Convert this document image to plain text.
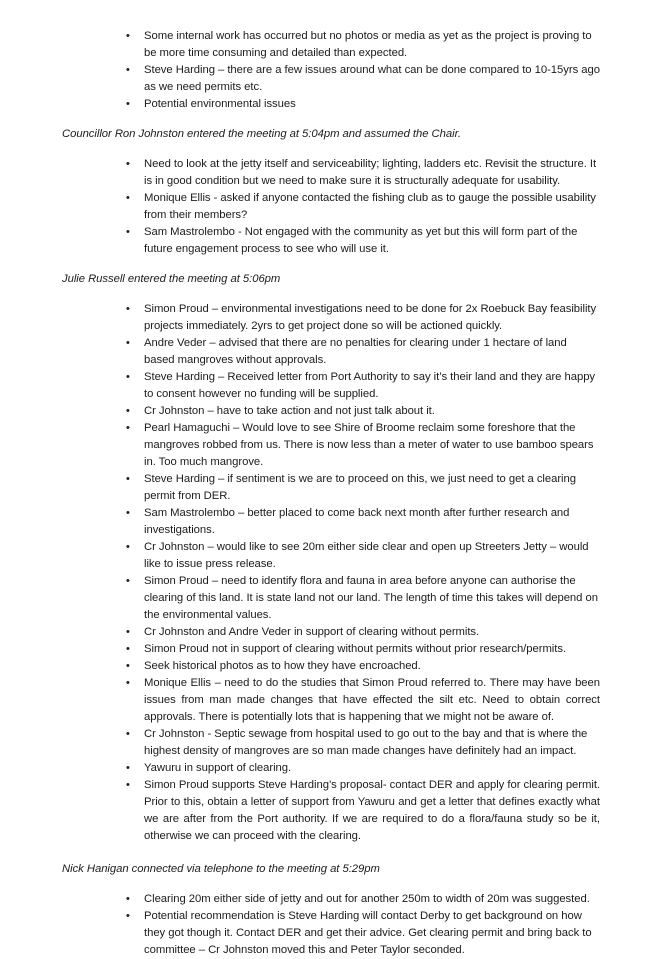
• Some internal work has occurred but no photos or media as yet as the project is proving to be more time consuming and detailed than expected.
• Steve Harding – there are a few issues around what can be done compared to 10-15yrs ago as we need permits etc.
• Potential environmental issues

Councillor Ron Johnston entered the meeting at 5:04pm and assumed the Chair.

• Need to look at the jetty itself and serviceability; lighting, ladders etc. Revisit the structure. It is in good condition but we need to make sure it is structurally adequate for usability.
• Monique Ellis - asked if anyone contacted the fishing club as to gauge the possible usability from their members?
• Sam Mastrolembo - Not engaged with the community as yet but this will form part of the future engagement process to see who will use it.

Julie Russell entered the meeting at 5:06pm

• Simon Proud – environmental investigations need to be done for 2x Roebuck Bay feasibility projects immediately. 2yrs to get project done so will be actioned quickly.
• Andre Veder – advised that there are no penalties for clearing under 1 hectare of land based mangroves without approvals.
• Steve Harding – Received letter from Port Authority to say it’s their land and they are happy to consent however no funding will be supplied.
• Cr Johnston – have to take action and not just talk about it.
• Pearl Hamaguchi – Would love to see Shire of Broome reclaim some foreshore that the mangroves robbed from us. There is now less than a meter of water to use bamboo spears in. Too much mangrove.
• Steve Harding – if sentiment is we are to proceed on this, we just need to get a clearing permit from DER.
• Sam Mastrolembo – better placed to come back next month after further research and investigations.
• Cr Johnston – would like to see 20m either side clear and open up Streeters Jetty – would like to issue press release.
• Simon Proud – need to identify flora and fauna in area before anyone can authorise the clearing of this land. It is state land not our land. The length of time this takes will depend on the environmental values.
• Cr Johnston and Andre Veder in support of clearing without permits.
• Simon Proud not in support of clearing without permits without prior research/permits.
• Seek historical photos as to how they have encroached.
• Monique Ellis – need to do the studies that Simon Proud referred to. There may have been issues from man made changes that have effected the silt etc. Need to obtain correct approvals. There is potentially lots that is happening that we might not be aware of.
• Cr Johnston - Septic sewage from hospital used to go out to the bay and that is where the highest density of mangroves are so man made changes have definitely had an impact.
• Yawuru in support of clearing.
• Simon Proud supports Steve Harding’s proposal- contact DER and apply for clearing permit. Prior to this, obtain a letter of support from Yawuru and get a letter that defines exactly what we are after from the Port authority. If we are required to do a flora/fauna study so be it, otherwise we can proceed with the clearing.

Nick Hanigan connected via telephone to the meeting at 5:29pm

• Clearing 20m either side of jetty and out for another 250m to width of 20m was suggested.
• Potential recommendation is Steve Harding will contact Derby to get background on how they got though it. Contact DER and get their advice. Get clearing permit and bring back to committee – Cr Johnston moved this and Peter Taylor seconded.
